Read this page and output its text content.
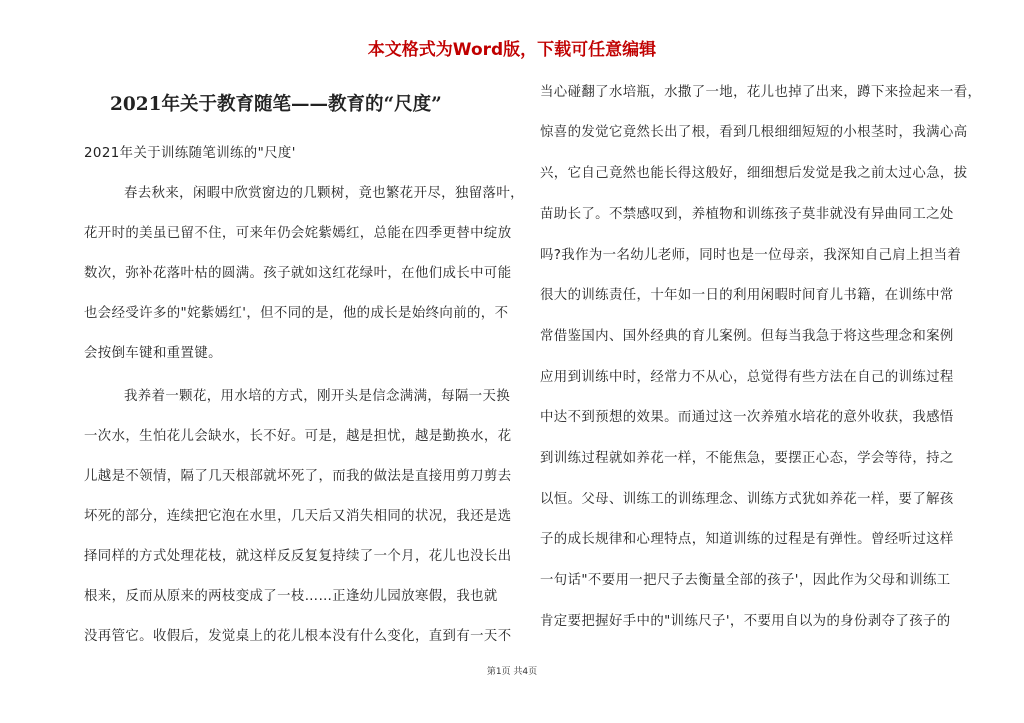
本文格式为Word版，下载可任意编辑
2021年关于教育随笔——教育的“尺度”
2021年关于训练随笔训练的"尺度'
春去秋来，闲暇中欣赏窗边的几颗树，竟也繁花开尽，独留落叶，
花开时的美虽已留不住，可来年仍会姹紫嫣红，总能在四季更替中绽放
数次，弥补花落叶枯的圆满。孩子就如这红花绿叶，在他们成长中可能
也会经受许多的"姹紫嫣红'，但不同的是，他的成长是始终向前的，不
会按倒车键和重置键。
我养着一颗花，用水培的方式，刚开头是信念满满，每隔一天换
一次水，生怕花儿会缺水，长不好。可是，越是担忧，越是勤换水，花
儿越是不领情，隔了几天根部就坏死了，而我的做法是直接用剪刀剪去
坏死的部分，连续把它泡在水里，几天后又消失相同的状况，我还是选
择同样的方式处理花枝，就这样反反复复持续了一个月，花儿也没长出
根来，反而从原来的两枝变成了一枝……正逢幼儿园放寒假，我也就
没再管它。收假后，发觉桌上的花儿根本没有什么变化，直到有一天不
当心碰翻了水培瓶，水撒了一地，花儿也掉了出来，蹲下来捡起来一看，
惊喜的发觉它竟然长出了根，看到几根细细短短的小根茎时，我满心高
兴，它自己竟然也能长得这般好，细细想后发觉是我之前太过心急，拔
苗助长了。不禁感叹到，养植物和训练孩子莫非就没有异曲同工之处
吗?我作为一名幼儿老师，同时也是一位母亲，我深知自己肩上担当着
很大的训练责任，十年如一日的利用闲暇时间育儿书籍，在训练中常
常借鉴国内、国外经典的育儿案例。但每当我急于将这些理念和案例
应用到训练中时，经常力不从心，总觉得有些方法在自己的训练过程
中达不到预想的效果。而通过这一次养殖水培花的意外收获，我感悟
到训练过程就如养花一样，不能焦急，要摆正心态，学会等待，持之
以恒。父母、训练工的训练理念、训练方式犹如养花一样，要了解孩
子的成长规律和心理特点，知道训练的过程是有弹性。曾经听过这样
一句话"不要用一把尺子去衡量全部的孩子'，因此作为父母和训练工
肯定要把握好手中的"训练尺子'，不要用自以为的身份剥夺了孩子的
第1页 共4页
